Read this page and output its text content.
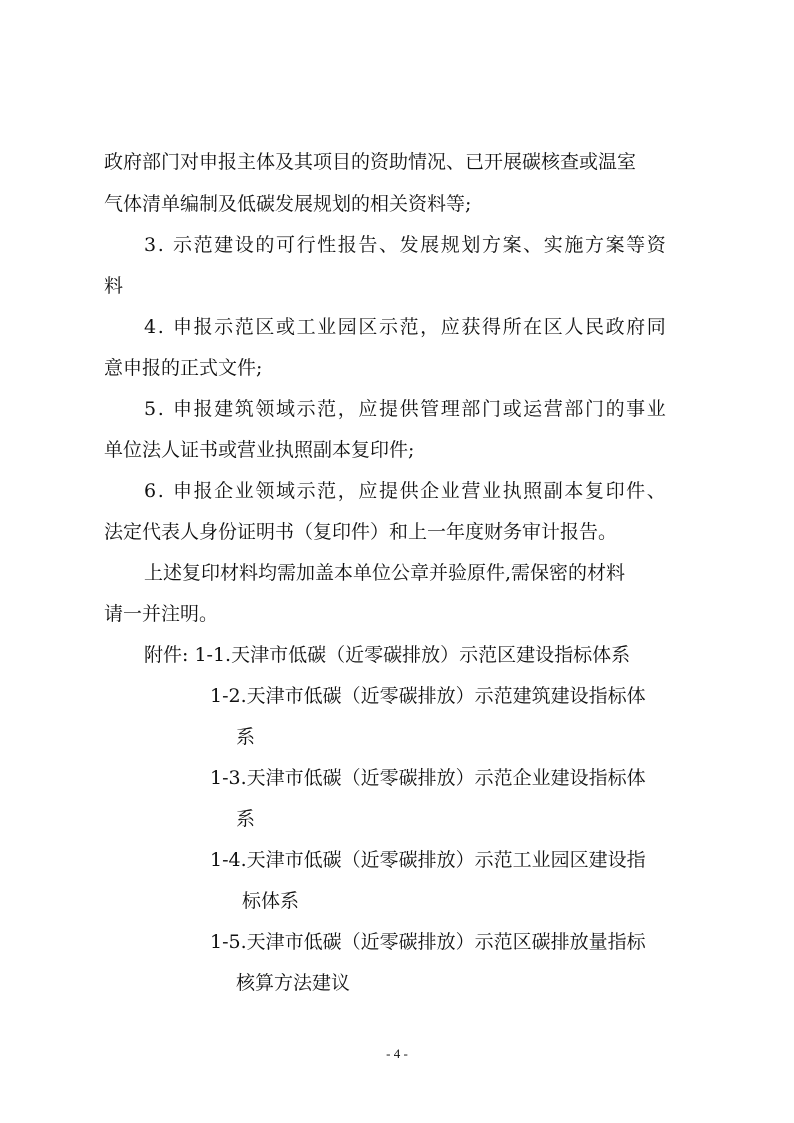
政府部门对申报主体及其项目的资助情况、已开展碳核查或温室
气体清单编制及低碳发展规划的相关资料等;
3. 示范建设的可行性报告、发展规划方案、实施方案等资
料
4. 申报示范区或工业园区示范，应获得所在区人民政府同
意申报的正式文件;
5. 申报建筑领域示范，应提供管理部门或运营部门的事业
单位法人证书或营业执照副本复印件;
6. 申报企业领域示范，应提供企业营业执照副本复印件、
法定代表人身份证明书（复印件）和上一年度财务审计报告。
上述复印材料均需加盖本单位公章并验原件,需保密的材料
请一并注明。
附件: 1-1.天津市低碳（近零碳排放）示范区建设指标体系
1-2.天津市低碳（近零碳排放）示范建筑建设指标体
系
1-3.天津市低碳（近零碳排放）示范企业建设指标体
系
1-4.天津市低碳（近零碳排放）示范工业园区建设指
标体系
1-5.天津市低碳（近零碳排放）示范区碳排放量指标
核算方法建议
- 4 -
